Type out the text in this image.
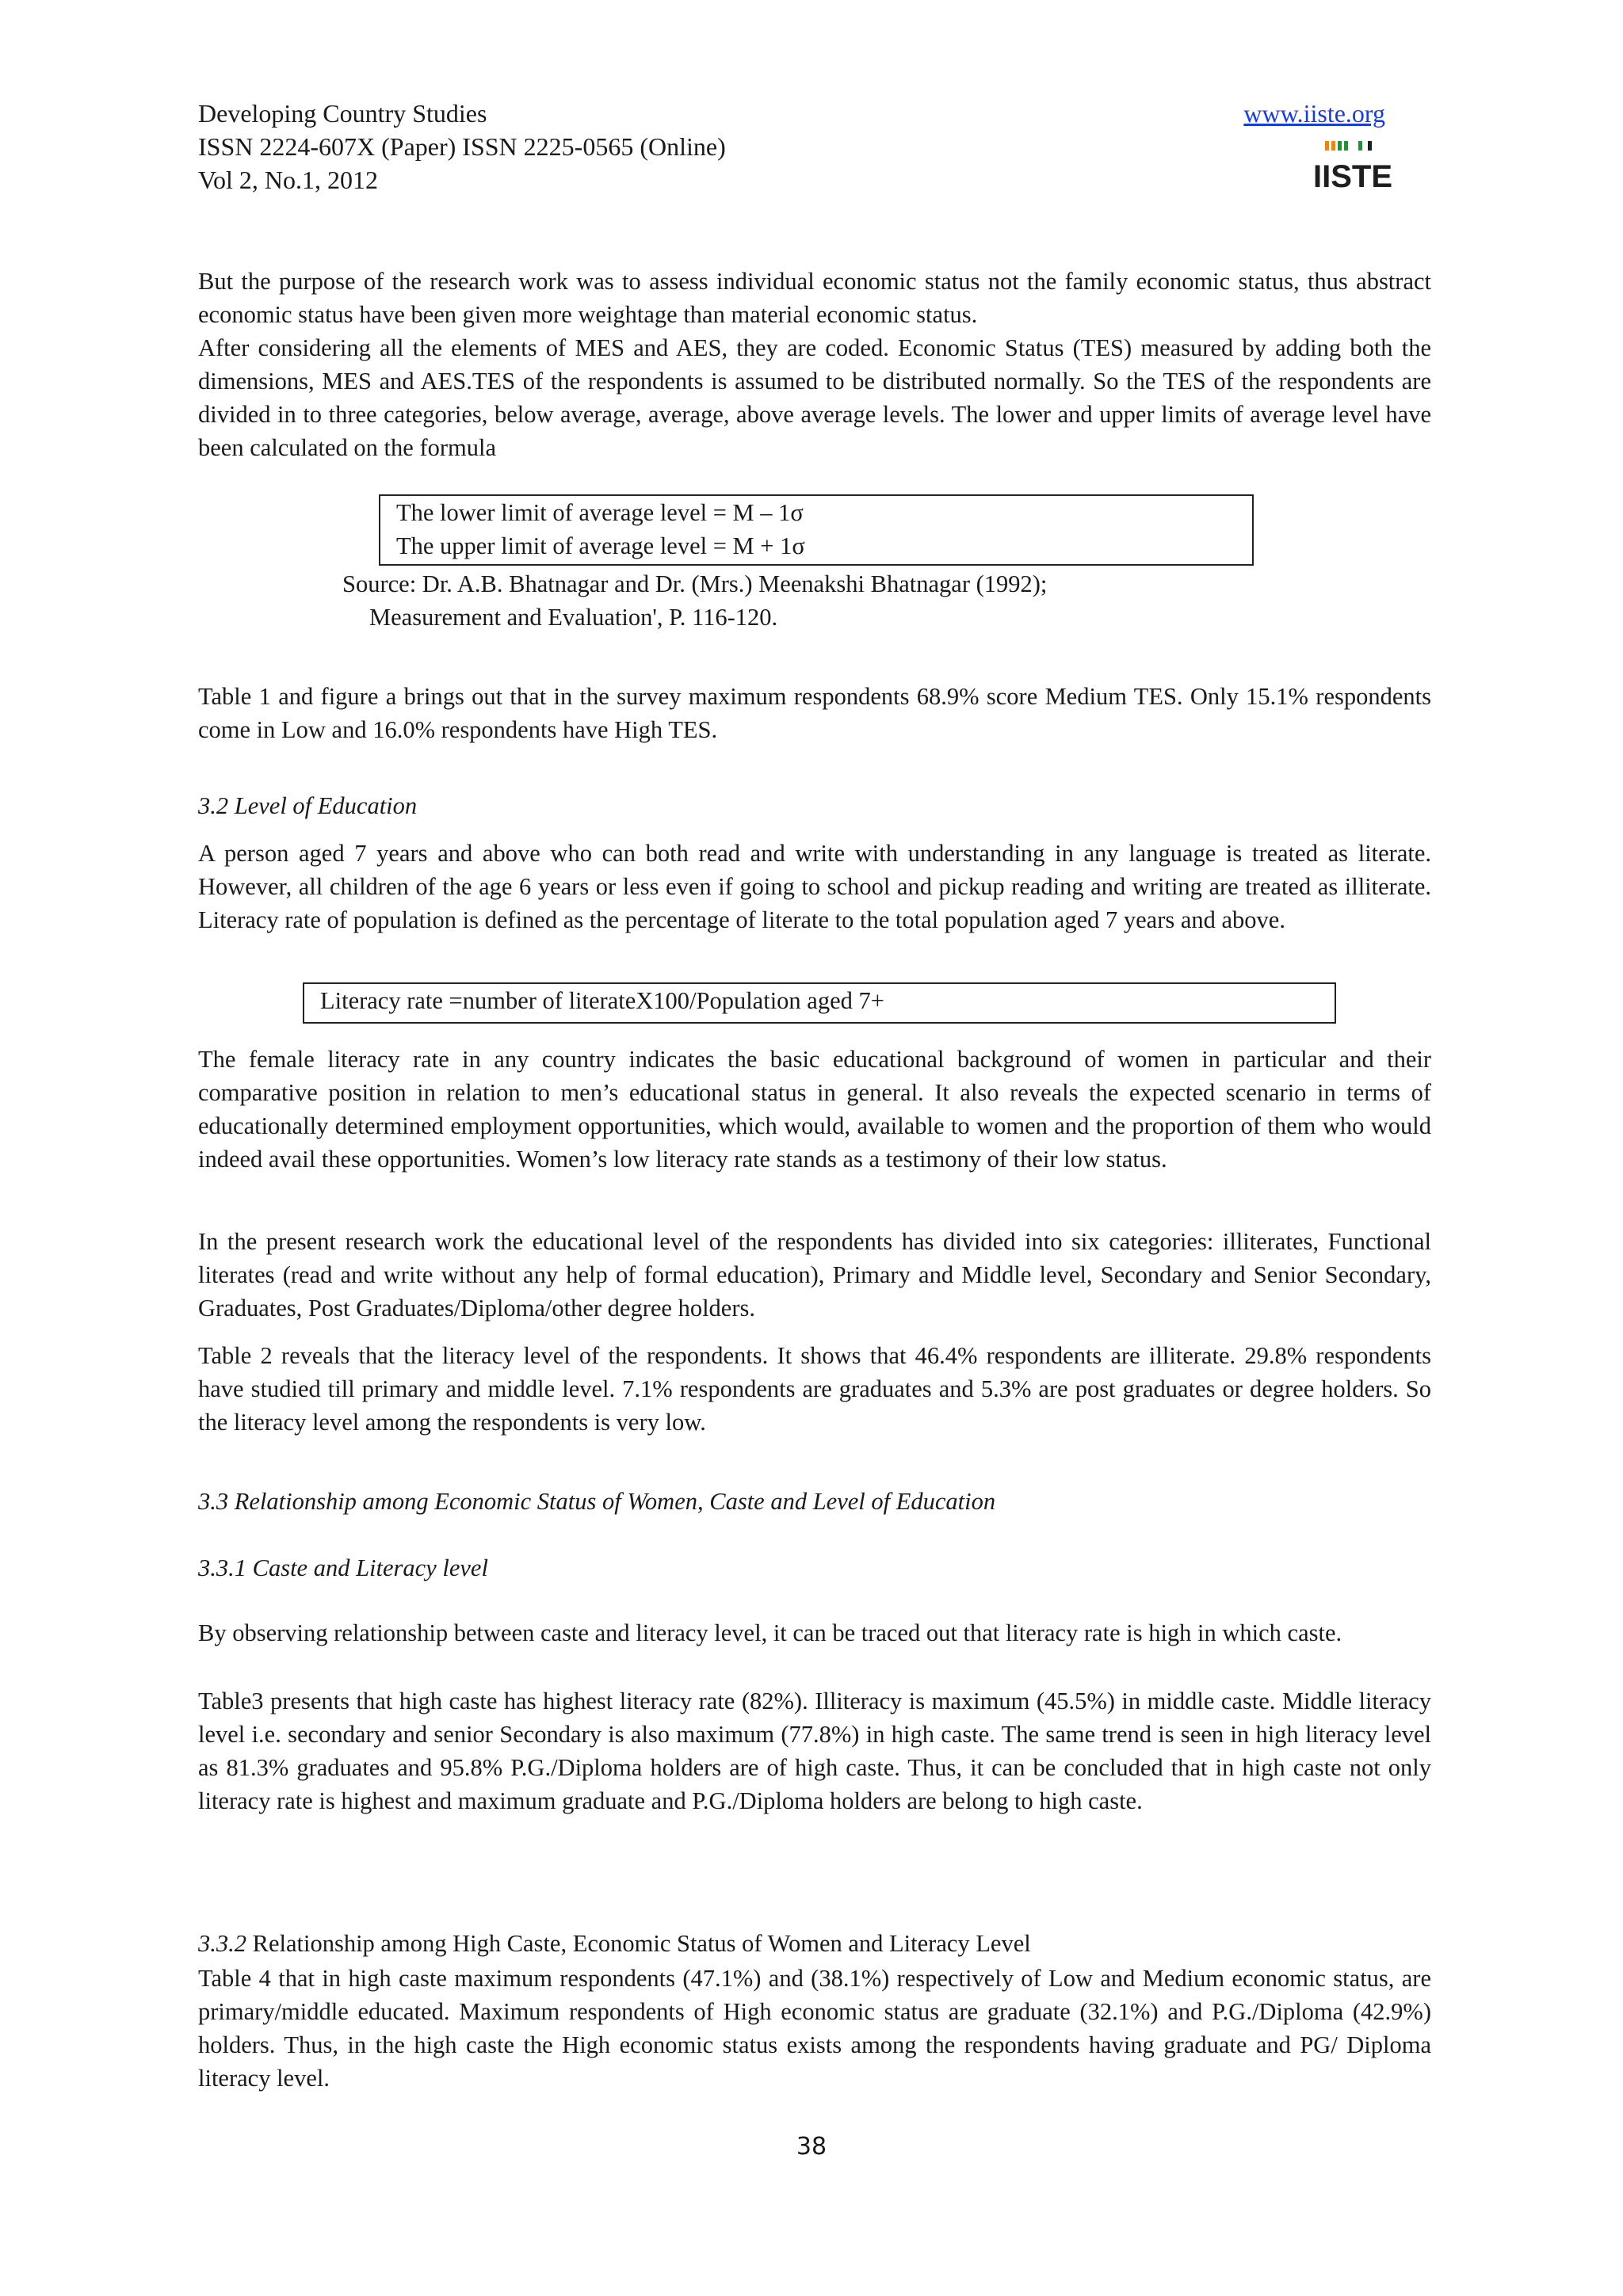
Developing Country Studies
ISSN 2224-607X (Paper) ISSN 2225-0565 (Online)
Vol 2, No.1, 2012
www.iiste.org
IISTE

But the purpose of the research work was to assess individual economic status not the family economic status, thus abstract economic status have been given more weightage than material economic status.

After considering all the elements of MES and AES, they are coded. Economic Status (TES) measured by adding both the dimensions, MES and AES.TES of the respondents is assumed to be distributed normally. So the TES of the respondents are divided in to three categories, below average, average, above average levels. The lower and upper limits of average level have been calculated on the formula

The lower limit of average level = M – 1σ
The upper limit of average level = M + 1σ
Source: Dr. A.B. Bhatnagar and Dr. (Mrs.) Meenakshi Bhatnagar (1992);
Measurement and Evaluation', P. 116-120.

Table 1 and figure a brings out that in the survey maximum respondents 68.9% score Medium TES. Only 15.1% respondents come in Low and 16.0% respondents have High TES.

3.2 Level of Education

A person aged 7 years and above who can both read and write with understanding in any language is treated as literate. However, all children of the age 6 years or less even if going to school and pickup reading and writing are treated as illiterate. Literacy rate of population is defined as the percentage of literate to the total population aged 7 years and above.

Literacy rate =number of literateX100/Population aged 7+

The female literacy rate in any country indicates the basic educational background of women in particular and their comparative position in relation to men’s educational status in general. It also reveals the expected scenario in terms of educationally determined employment opportunities, which would, available to women and the proportion of them who would indeed avail these opportunities. Women’s low literacy rate stands as a testimony of their low status.

In the present research work the educational level of the respondents has divided into six categories: illiterates, Functional literates (read and write without any help of formal education), Primary and Middle level, Secondary and Senior Secondary, Graduates, Post Graduates/Diploma/other degree holders.

Table 2 reveals that the literacy level of the respondents. It shows that 46.4% respondents are illiterate. 29.8% respondents have studied till primary and middle level. 7.1% respondents are graduates and 5.3% are post graduates or degree holders. So the literacy level among the respondents is very low.

3.3 Relationship among Economic Status of Women, Caste and Level of Education
3.3.1 Caste and Literacy level

By observing relationship between caste and literacy level, it can be traced out that literacy rate is high in which caste.

Table3 presents that high caste has highest literacy rate (82%). Illiteracy is maximum (45.5%) in middle caste. Middle literacy level i.e. secondary and senior Secondary is also maximum (77.8%) in high caste. The same trend is seen in high literacy level as 81.3% graduates and 95.8% P.G./Diploma holders are of high caste. Thus, it can be concluded that in high caste not only literacy rate is highest and maximum graduate and P.G./Diploma holders are belong to high caste.

3.3.2 Relationship among High Caste, Economic Status of Women and Literacy Level

Table 4 that in high caste maximum respondents (47.1%) and (38.1%) respectively of Low and Medium economic status, are primary/middle educated. Maximum respondents of High economic status are graduate (32.1%) and P.G./Diploma (42.9%) holders. Thus, in the high caste the High economic status exists among the respondents having graduate and PG/ Diploma literacy level.

38
